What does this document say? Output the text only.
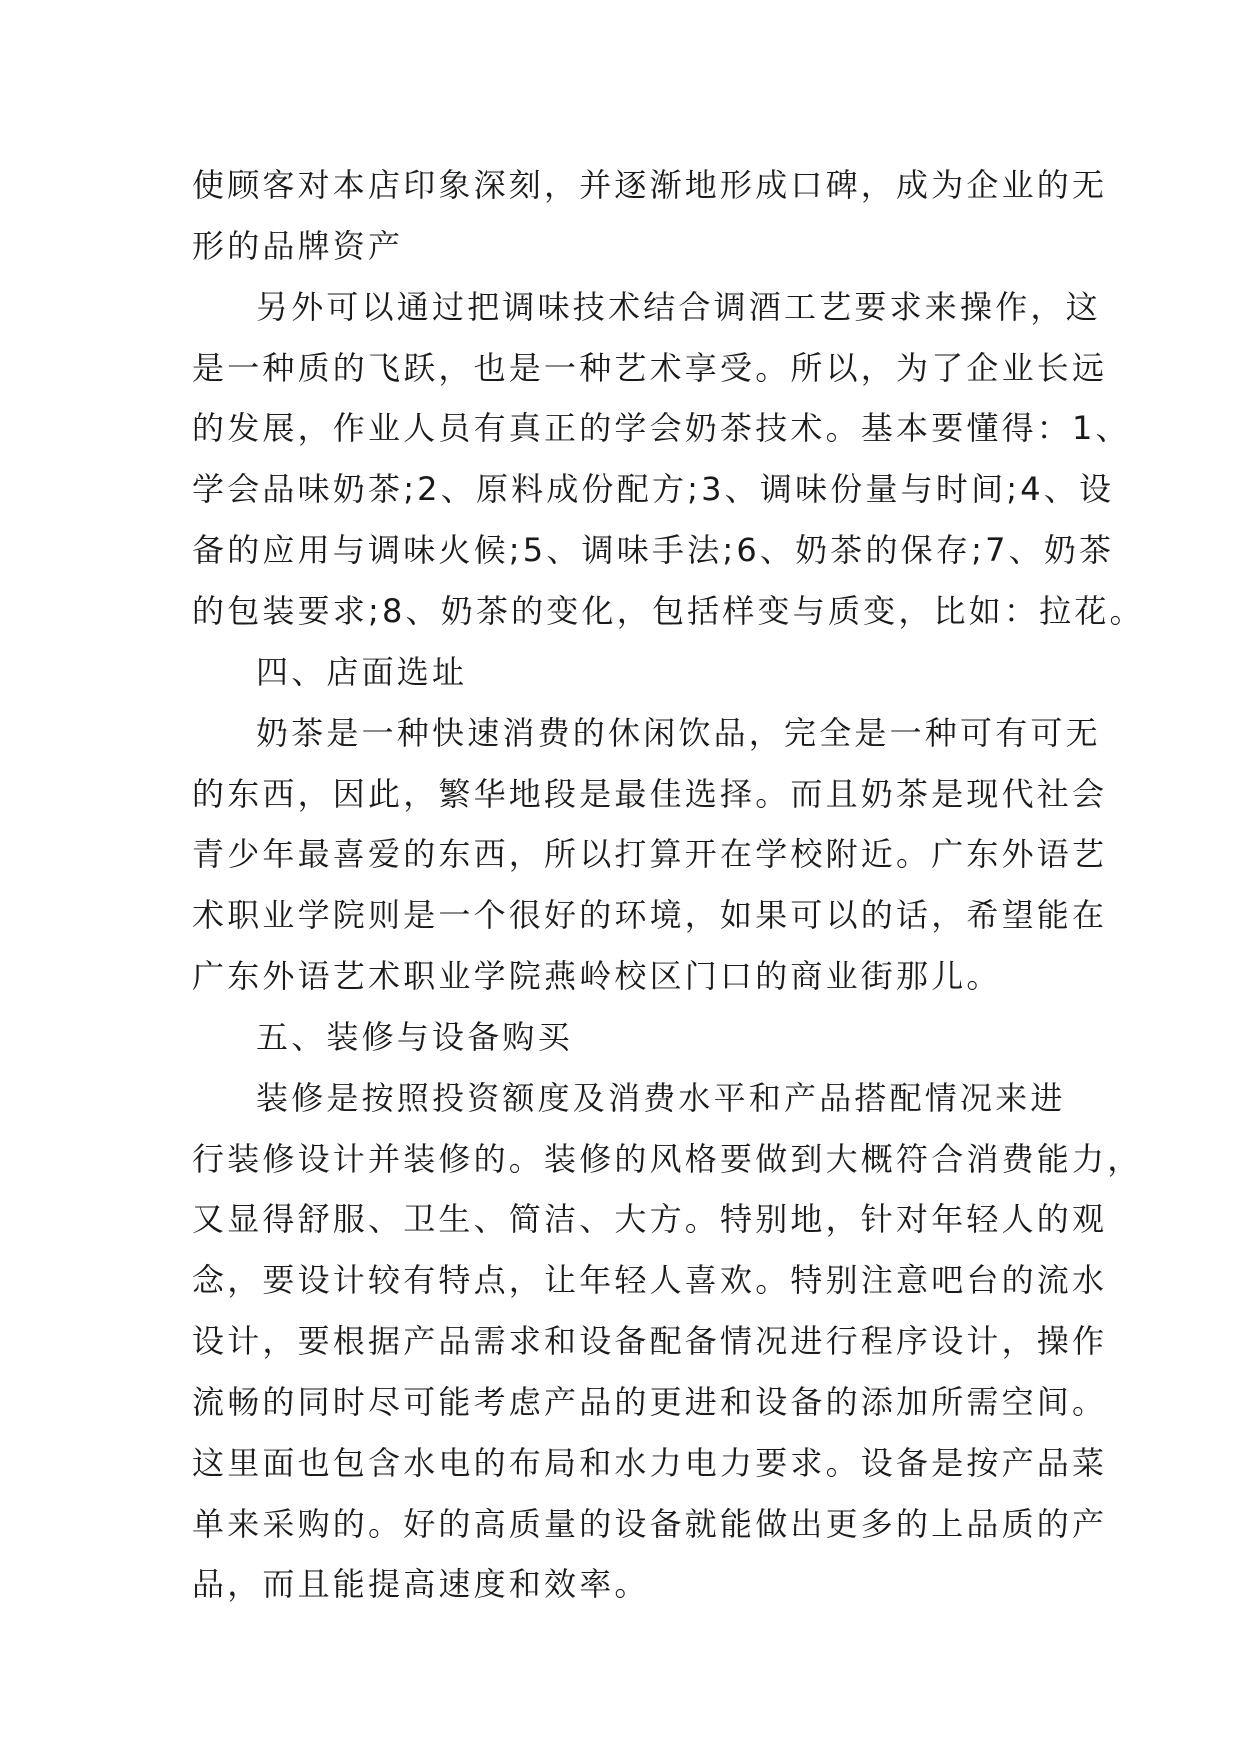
使顾客对本店印象深刻，并逐渐地形成口碑，成为企业的无
形的品牌资产
另外可以通过把调味技术结合调酒工艺要求来操作，这
是一种质的飞跃，也是一种艺术享受。所以，为了企业长远
的发展，作业人员有真正的学会奶茶技术。基本要懂得：1、
学会品味奶茶;2、原料成份配方;3、调味份量与时间;4、设
备的应用与调味火候;5、调味手法;6、奶茶的保存;7、奶茶
的包装要求;8、奶茶的变化，包括样变与质变，比如：拉花。
四、店面选址
奶茶是一种快速消费的休闲饮品，完全是一种可有可无
的东西，因此，繁华地段是最佳选择。而且奶茶是现代社会
青少年最喜爱的东西，所以打算开在学校附近。广东外语艺
术职业学院则是一个很好的环境，如果可以的话，希望能在
广东外语艺术职业学院燕岭校区门口的商业街那儿。
五、装修与设备购买
装修是按照投资额度及消费水平和产品搭配情况来进
行装修设计并装修的。装修的风格要做到大概符合消费能力，
又显得舒服、卫生、简洁、大方。特别地，针对年轻人的观
念，要设计较有特点，让年轻人喜欢。特别注意吧台的流水
设计，要根据产品需求和设备配备情况进行程序设计，操作
流畅的同时尽可能考虑产品的更进和设备的添加所需空间。
这里面也包含水电的布局和水力电力要求。设备是按产品菜
单来采购的。好的高质量的设备就能做出更多的上品质的产
品，而且能提高速度和效率。
